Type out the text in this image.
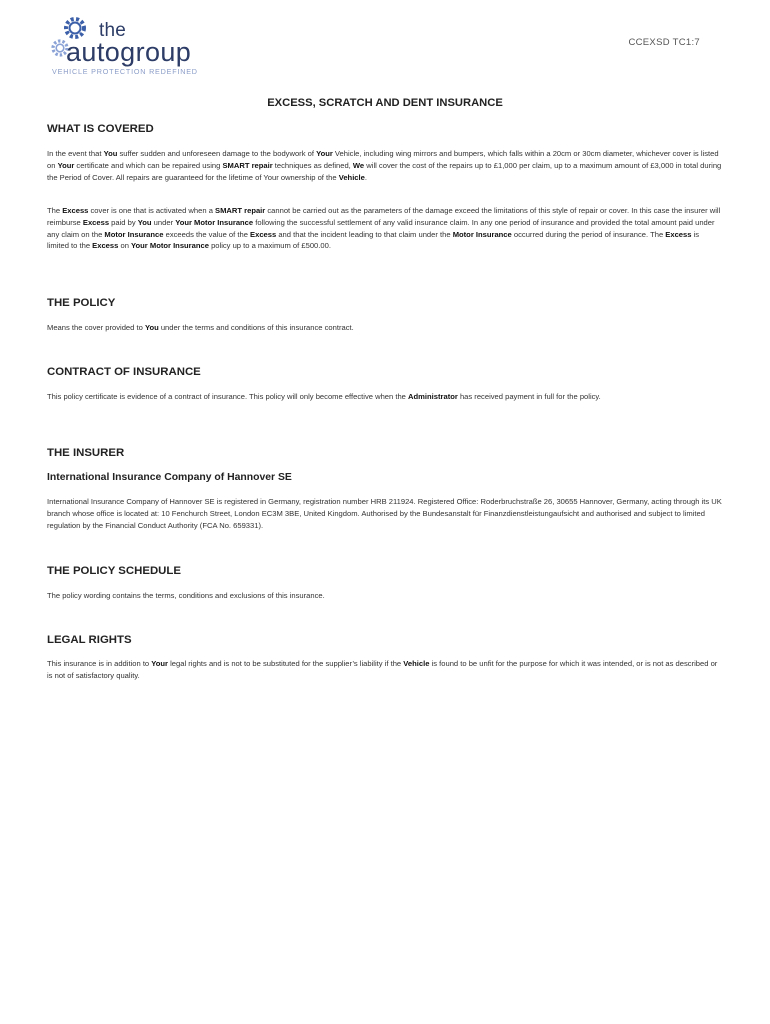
the
autogroup
VEHICLE PROTECTION REDEFINED
CCEXSD TC1:7
EXCESS, SCRATCH AND DENT INSURANCE
WHAT IS COVERED

In the event that You suffer sudden and unforeseen damage to the bodywork of Your Vehicle, including wing mirrors and bumpers, which falls within a 20cm or 30cm diameter, whichever cover is listed on Your certificate and which can be repaired using SMART repair techniques as defined, We will cover the cost of the repairs up to £1,000 per claim, up to a maximum amount of £3,000 in total during the Period of Cover. All repairs are guaranteed for the lifetime of Your ownership of the Vehicle.

The Excess cover is one that is activated when a SMART repair cannot be carried out as the parameters of the damage exceed the limitations of this style of repair or cover. In this case the insurer will reimburse Excess paid by You under Your Motor Insurance following the successful settlement of any valid insurance claim. In any one period of insurance and provided the total amount paid under any claim on the Motor Insurance exceeds the value of the Excess and that the incident leading to that claim under the Motor Insurance occurred during the period of insurance. The Excess is limited to the Excess on Your Motor Insurance policy up to a maximum of £500.00.

THE POLICY

Means the cover provided to You under the terms and conditions of this insurance contract.

CONTRACT OF INSURANCE

This policy certificate is evidence of a contract of insurance. This policy will only become effective when the Administrator has received payment in full for the policy.

THE INSURER
International Insurance Company of Hannover SE

International Insurance Company of Hannover SE is registered in Germany, registration number HRB 211924. Registered Office: Roderbruchstraße 26, 30655 Hannover, Germany, acting through its UK branch whose office is located at: 10 Fenchurch Street, London EC3M 3BE, United Kingdom. Authorised by the Bundesanstalt für Finanzdienstleistungaufsicht and authorised and subject to limited regulation by the Financial Conduct Authority (FCA No. 659331).

THE POLICY SCHEDULE

The policy wording contains the terms, conditions and exclusions of this insurance.

LEGAL RIGHTS

This insurance is in addition to Your legal rights and is not to be substituted for the supplier’s liability if the Vehicle is found to be unfit for the purpose for which it was intended, or is not as described or is not of satisfactory quality.
